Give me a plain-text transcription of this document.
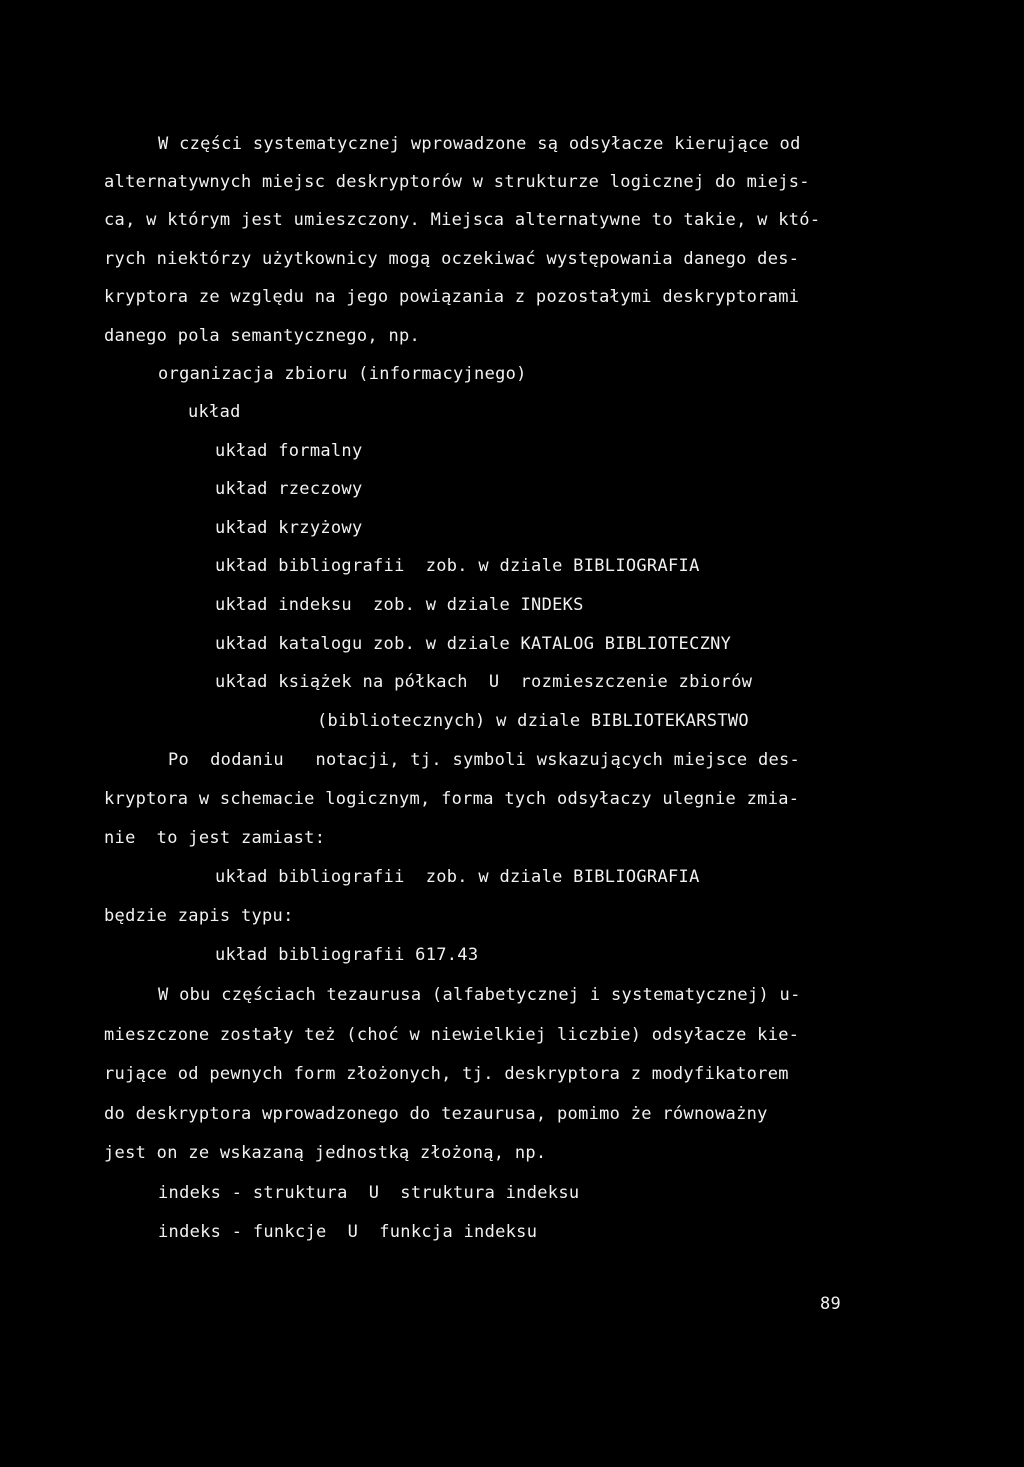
W części systematycznej wprowadzone są odsyłacze kierujące od
alternatywnych miejsc deskryptorów w strukturze logicznej do miejs-
ca, w którym jest umieszczony. Miejsca alternatywne to takie, w któ-
rych niektórzy użytkownicy mogą oczekiwać występowania danego des-
kryptora ze względu na jego powiązania z pozostałymi deskryptorami
danego pola semantycznego, np.
organizacja zbioru (informacyjnego)
układ
układ formalny
układ rzeczowy
układ krzyżowy
układ bibliografii  zob. w dziale BIBLIOGRAFIA
układ indeksu  zob. w dziale INDEKS
układ katalogu zob. w dziale KATALOG BIBLIOTECZNY
układ książek na półkach  U  rozmieszczenie zbiorów
(bibliotecznych) w dziale BIBLIOTEKARSTWO
Po  dodaniu   notacji, tj. symboli wskazujących miejsce des-
kryptora w schemacie logicznym, forma tych odsyłaczy ulegnie zmia-
nie  to jest zamiast:
układ bibliografii  zob. w dziale BIBLIOGRAFIA
będzie zapis typu:
układ bibliografii 617.43
W obu częściach tezaurusa (alfabetycznej i systematycznej) u-
mieszczone zostały też (choć w niewielkiej liczbie) odsyłacze kie-
rujące od pewnych form złożonych, tj. deskryptora z modyfikatorem
do deskryptora wprowadzonego do tezaurusa, pomimo że równoważny
jest on ze wskazaną jednostką złożoną, np.
indeks - struktura  U  struktura indeksu
indeks - funkcje  U  funkcja indeksu
89
